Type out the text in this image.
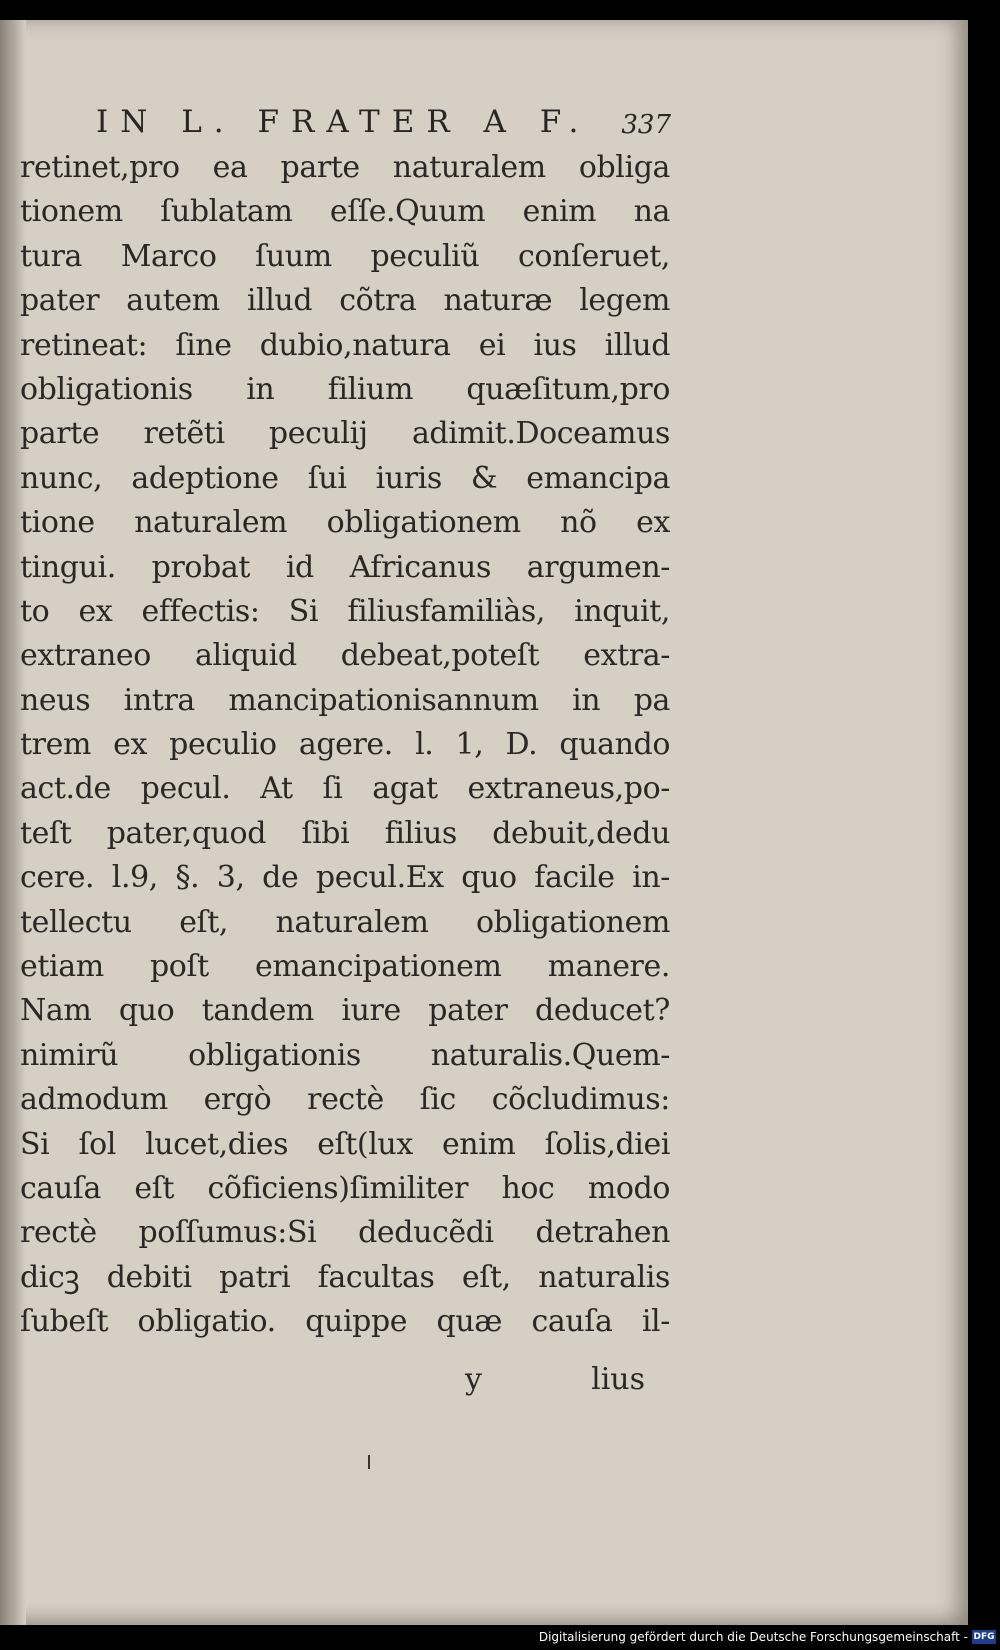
IN L. FRATER A F. 337
retinet,pro ea parte naturalem obliga
tionem ſublatam eſſe.Quum enim na
tura Marco ſuum peculiũ conſeruet,
pater autem illud cõtra naturæ legem
retineat: ſine dubio,natura ei ius illud
obligationis in filium quæſitum,pro
parte retẽti peculij adimit.Doceamus
nunc, adeptione ſui iuris & emancipa
tione naturalem obligationem nõ ex
tingui. probat id Africanus argumen-
to ex effectis: Si filiusfamiliàs, inquit,
extraneo aliquid debeat,poteſt extra-
neus intra mancipationisannum in pa
trem ex peculio agere. l. 1, D. quando
act.de pecul. At ſi agat extraneus,po-
teſt pater,quod ſibi filius debuit,dedu
cere. l.9, §. 3, de pecul.Ex quo facile in-
tellectu eſt, naturalem obligationem
etiam poſt emancipationem manere.
Nam quo tandem iure pater deducet?
nimirũ obligationis naturalis.Quem-
admodum ergò rectè ſic cõcludimus:
Si ſol lucet,dies eſt(lux enim ſolis,diei
cauſa eſt cõficiens)ſimiliter hoc modo
rectè poſſumus:Si deducẽdi detrahen
dicꝫ debiti patri facultas eſt, naturalis
ſubeſt obligatio. quippe quæ cauſa il-
y	lius
Digitalisierung gefördert durch die Deutsche Forschungsgemeinschaft - DFG
